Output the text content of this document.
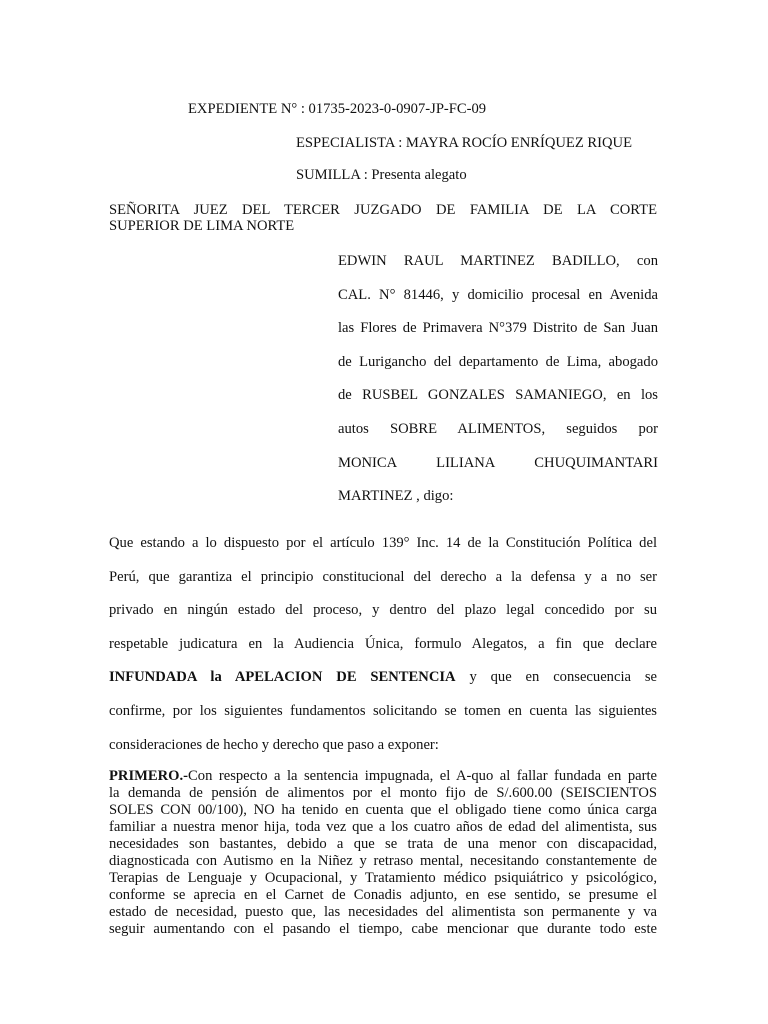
EXPEDIENTE N° : 01735-2023-0-0907-JP-FC-09
ESPECIALISTA : MAYRA ROCÍO ENRÍQUEZ RIQUE
SUMILLA : Presenta alegato
SEÑORITA JUEZ DEL TERCER JUZGADO DE FAMILIA DE LA CORTE
SUPERIOR DE LIMA NORTE
EDWIN RAUL MARTINEZ BADILLO, con
CAL. N° 81446, y domicilio procesal en Avenida
las Flores de Primavera N°379 Distrito de San Juan
de Lurigancho del departamento de Lima, abogado
de RUSBEL GONZALES SAMANIEGO, en los
autos SOBRE ALIMENTOS, seguidos por
MONICA LILIANA CHUQUIMANTARI
MARTINEZ , digo:
Que estando a lo dispuesto por el artículo 139° Inc. 14 de la Constitución Política del
Perú, que garantiza el principio constitucional del derecho a la defensa y a no ser
privado en ningún estado del proceso, y dentro del plazo legal concedido por su
respetable judicatura en la Audiencia Única, formulo Alegatos, a fin que declare
INFUNDADA la APELACION DE SENTENCIA y que en consecuencia se
confirme, por los siguientes fundamentos solicitando se tomen en cuenta las siguientes
consideraciones de hecho y derecho que paso a exponer:
PRIMERO.-Con respecto a la sentencia impugnada, el A-quo al fallar fundada en parte
la demanda de pensión de alimentos por el monto fijo de S/.600.00 (SEISCIENTOS
SOLES CON 00/100), NO ha tenido en cuenta que el obligado tiene como única carga
familiar a nuestra menor hija, toda vez que a los cuatro años de edad del alimentista, sus
necesidades son bastantes, debido a que se trata de una menor con discapacidad,
diagnosticada con Autismo en la Niñez y retraso mental, necesitando constantemente de
Terapias de Lenguaje y Ocupacional, y Tratamiento médico psiquiátrico y psicológico,
conforme se aprecia en el Carnet de Conadis adjunto, en ese sentido, se presume el
estado de necesidad, puesto que, las necesidades del alimentista son permanente y va
seguir aumentando con el pasando el tiempo, cabe mencionar que durante todo este
